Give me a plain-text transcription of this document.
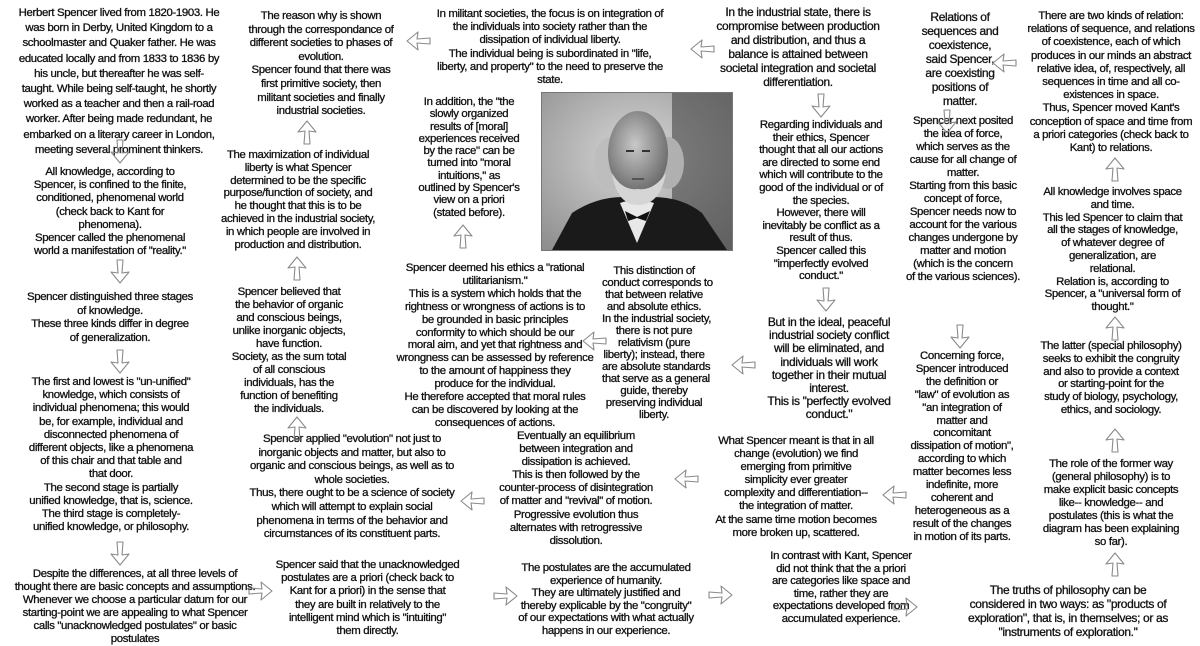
Herbert Spencer lived from 1820-1903. He
was born in Derby, United Kingdom to a
schoolmaster and Quaker father. He was
educated locally and from 1833 to 1836 by
his uncle, but thereafter he was self-
taught. While being self-taught, he shortly
worked as a teacher and then a rail-road
worker. After being made redundant, he
embarked on a literary career in London,
meeting several prominent thinkers.
The reason why is shown
through the correspondance of
different societies to phases of
evolution.
Spencer found that there was
first primitive society, then
militant societies and finally
industrial societies.
In militant societies, the focus is on integration of
the individuals into society rather than the
dissipation of individual liberty.
The individual being is subordinated in "life,
liberty, and property" to the need to preserve the
state.
In the industrial state, there is
compromise between production
and distribution, and thus a
balance is attained between
societal integration and societal
differentiation.
Relations of
sequences and
coexistence,
said Spencer,
are coexisting
positions of
matter.
There are two kinds of relation:
relations of sequence, and relations
of coexistence, each of which
produces in our minds an abstract
relative idea, of, respectively, all
sequences in time and all co-
existences in space.
Thus, Spencer moved Kant's
conception of space and time from
a priori categories (check back to
Kant) to relations.
All knowledge, according to
Spencer, is confined to the finite,
conditioned, phenomenal world
(check back to Kant for
phenomena).
Spencer called the phenomenal
world a manifestation of "reality."
The maximization of individual
liberty is what Spencer
determined to be the specific
purpose/function of society, and
he thought that this is to be
achieved in the industrial society,
in which people are involved in
production and distribution.
In addition, the "the
slowly organized
results of [moral]
experiences received
by the race" can be
turned into "moral
intuitions," as
outlined by Spencer's
view on a priori
(stated before).
Regarding individuals and
their ethics, Spencer
thought that all our actions
are directed to some end
which will contribute to the
good of the individual or of
the species.
However, there will
inevitably be conflict as a
result of thus.
Spencer called this
"imperfectly evolved
conduct."
Spencer next posited
the idea of force,
which serves as the
cause for all change of
matter.
Starting from this basic
concept of force,
Spencer needs now to
account for the various
changes undergone by
matter and motion
(which is the concern
of the various sciences).
All knowledge involves space
and time.
This led Spencer to claim that
all the stages of knowledge,
of whatever degree of
generalization, are
relational.
Relation is, according to
Spencer, a "universal form of
thought."
Spencer distinguished three stages
of knowledge.
These three kinds differ in degree
of generalization.
Spencer believed that
the behavior of organic
and conscious beings,
unlike inorganic objects,
have function.
Society, as the sum total
of all conscious
individuals, has the
function of benefiting
the individuals.
Spencer deemed his ethics a "rational
utilitarianism."
This is a system which holds that the
rightness or wrongness of actions is to
be grounded in basic principles
conformity to which should be our
moral aim, and yet that rightness and
wrongness can be assessed by reference
to the amount of happiness they
produce for the individual.
He therefore accepted that moral rules
can be discovered by looking at the
consequences of actions.
This distinction of
conduct corresponds to
that between relative
and absolute ethics.
In the industrial society,
there is not pure
relativism (pure
liberty); instead, there
are absolute standards
that serve as a general
guide, thereby
preserving individual
liberty.
But in the ideal, peaceful
industrial society conflict
will be eliminated, and
individuals will work
together in their mutual
interest.
This is "perfectly evolved
conduct."
Concerning force,
Spencer introduced
the definition or
"law" of evolution as
"an integration of
matter and
concomitant
dissipation of motion",
according to which
matter becomes less
indefinite, more
coherent and
heterogeneous as a
result of the changes
in motion of its parts.
The latter (special philosophy)
seeks to exhibit the congruity
and also to provide a context
or starting-point for the
study of biology, psychology,
ethics, and sociology.
The first and lowest is "un-unified"
knowledge, which consists of
individual phenomena; this would
be, for example, individual and
disconnected phenomena of
different objects, like a phenomena
of this chair and that table and
that door.
The second stage is partially
unified knowledge, that is, science.
The third stage is completely-
unified knowledge, or philosophy.
Spencer applied "evolution" not just to
inorganic objects and matter, but also to
organic and conscious beings, as well as to
whole societies.
Thus, there ought to be a science of society
which will attempt to explain social
phenomena in terms of the behavior and
circumstances of its constituent parts.
Eventually an equilibrium
between integration and
dissipation is achieved.
This is then followed by the
counter-process of disintegration
of matter and "revival" of motion.
Progressive evolution thus
alternates with retrogressive
dissolution.
What Spencer meant is that in all
change (evolution) we find
emerging from primitive
simplicity ever greater
complexity and differentiation--
the integration of matter.
At the same time motion becomes
more broken up, scattered.
The role of the former way
(general philosophy) is to
make explicit basic concepts
like-- knowledge-- and
postulates (this is what the
diagram has been explaining
so far).
Despite the differences, at all three levels of
thought there are basic concepts and assumptions.
Whenever we choose a particular datum for our
starting-point we are appealing to what Spencer
calls "unacknowledged postulates" or basic
postulates
Spencer said that the unacknowledged
postulates are a priori (check back to
Kant for a priori) in the sense that
they are built in relatively to the
intelligent mind which is "intuiting"
them directly.
The postulates are the accumulated
experience of humanity.
They are ultimately justified and
thereby explicable by the "congruity"
of our expectations with what actually
happens in our experience.
In contrast with Kant, Spencer
did not think that the a priori
are categories like space and
time, rather they are
expectations developed from
accumulated experience.
The truths of philosophy can be
considered in two ways: as "products of
exploration", that is, in themselves; or as
"instruments of exploration."
